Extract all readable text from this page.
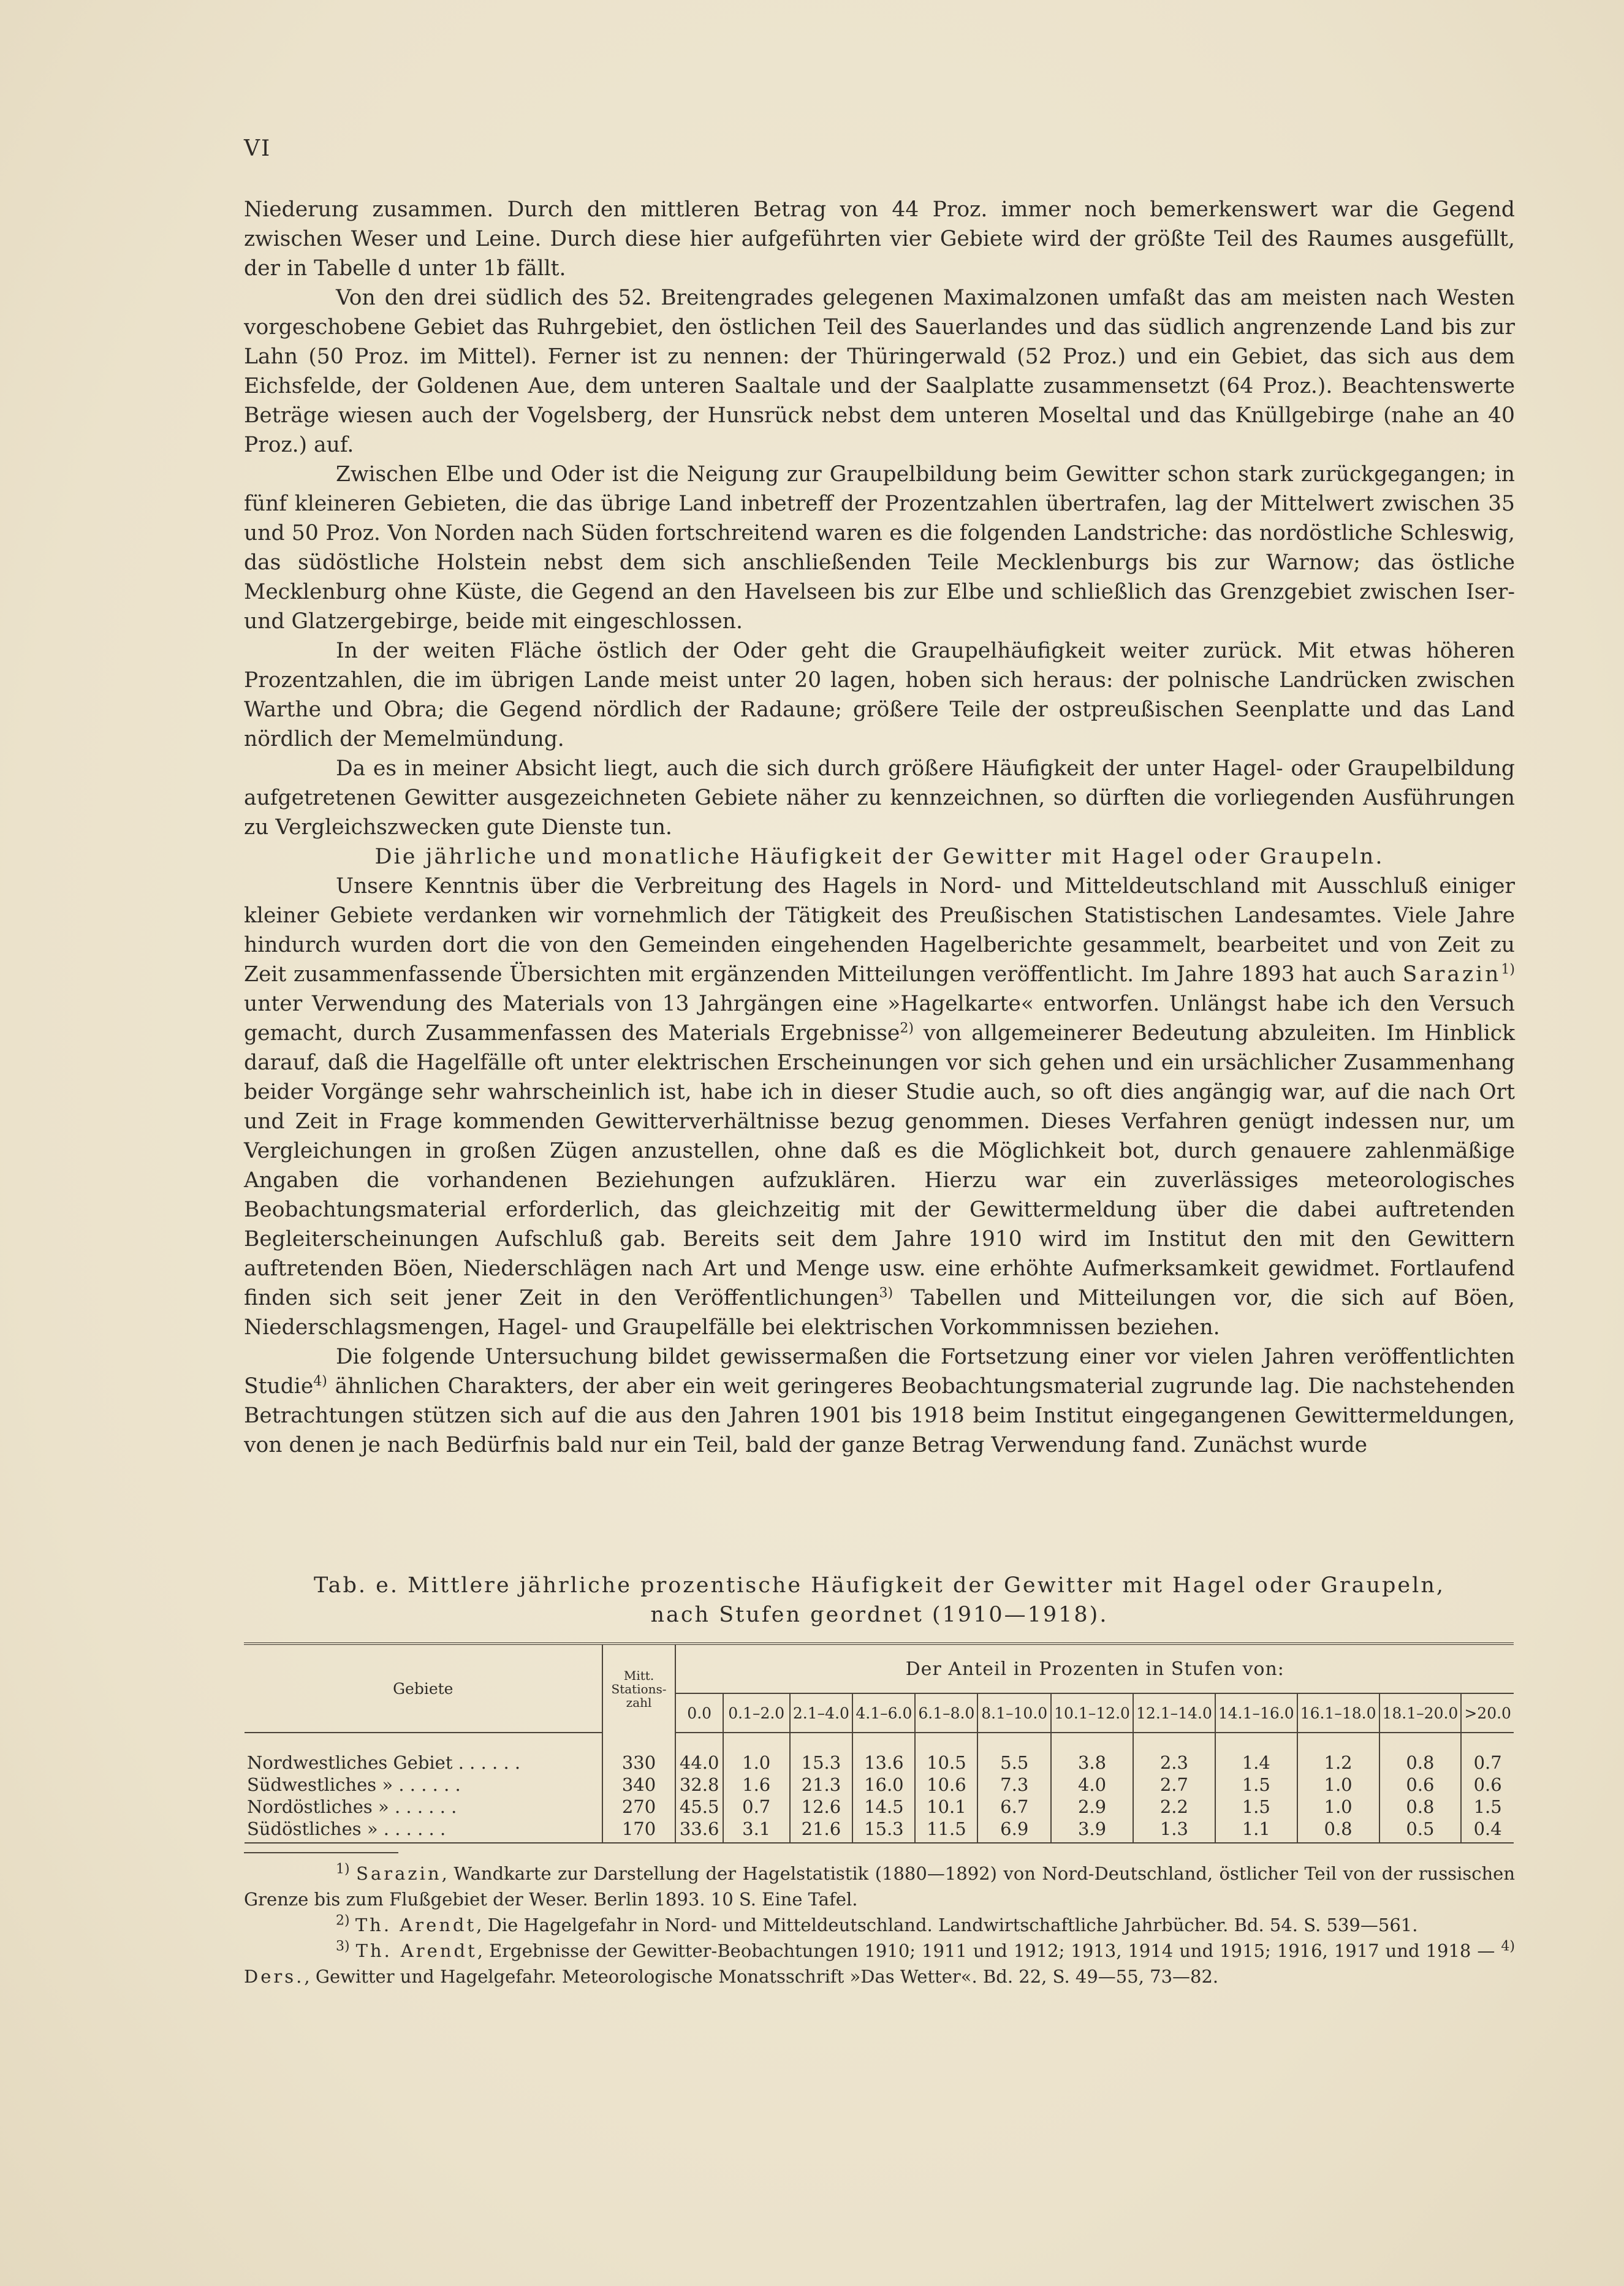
VI

Niederung zusammen. Durch den mittleren Betrag von 44 Proz. immer noch bemerkenswert war die Gegend zwischen Weser und Leine. Durch diese hier aufgeführten vier Gebiete wird der größte Teil des Raumes ausgefüllt, der in Tabelle d unter 1b fällt.

Von den drei südlich des 52. Breitengrades gelegenen Maximalzonen umfaßt das am meisten nach Westen vorgeschobene Gebiet das Ruhrgebiet, den östlichen Teil des Sauerlandes und das südlich angrenzende Land bis zur Lahn (50 Proz. im Mittel). Ferner ist zu nennen: der Thüringerwald (52 Proz.) und ein Gebiet, das sich aus dem Eichsfelde, der Goldenen Aue, dem unteren Saaltale und der Saalplatte zusammensetzt (64 Proz.). Beachtenswerte Beträge wiesen auch der Vogelsberg, der Hunsrück nebst dem unteren Moseltal und das Knüllgebirge (nahe an 40 Proz.) auf.

Zwischen Elbe und Oder ist die Neigung zur Graupelbildung beim Gewitter schon stark zurückgegangen; in fünf kleineren Gebieten, die das übrige Land inbetreff der Prozentzahlen übertrafen, lag der Mittelwert zwischen 35 und 50 Proz. Von Norden nach Süden fortschreitend waren es die folgenden Landstriche: das nordöstliche Schleswig, das südöstliche Holstein nebst dem sich anschließenden Teile Mecklenburgs bis zur Warnow; das östliche Mecklenburg ohne Küste, die Gegend an den Havelseen bis zur Elbe und schließlich das Grenzgebiet zwischen Iser- und Glatzergebirge, beide mit eingeschlossen.

In der weiten Fläche östlich der Oder geht die Graupelhäufigkeit weiter zurück. Mit etwas höheren Prozentzahlen, die im übrigen Lande meist unter 20 lagen, hoben sich heraus: der polnische Landrücken zwischen Warthe und Obra; die Gegend nördlich der Radaune; größere Teile der ostpreußischen Seenplatte und das Land nördlich der Memelmündung.

Da es in meiner Absicht liegt, auch die sich durch größere Häufigkeit der unter Hagel- oder Graupelbildung aufgetretenen Gewitter ausgezeichneten Gebiete näher zu kennzeichnen, so dürften die vorliegenden Ausführungen zu Vergleichszwecken gute Dienste tun.

Die jährliche und monatliche Häufigkeit der Gewitter mit Hagel oder Graupeln.

Unsere Kenntnis über die Verbreitung des Hagels in Nord- und Mitteldeutschland mit Ausschluß einiger kleiner Gebiete verdanken wir vornehmlich der Tätigkeit des Preußischen Statistischen Landesamtes. Viele Jahre hindurch wurden dort die von den Gemeinden eingehenden Hagelberichte gesammelt, bearbeitet und von Zeit zu Zeit zusammenfassende Übersichten mit ergänzenden Mitteilungen veröffentlicht. Im Jahre 1893 hat auch Sarazin$^{1)}$ unter Verwendung des Materials von 13 Jahrgängen eine »Hagelkarte« entworfen. Unlängst habe ich den Versuch gemacht, durch Zusammenfassen des Materials Ergebnisse$^{2)}$ von allgemeinerer Bedeutung abzuleiten. Im Hinblick darauf, daß die Hagelfälle oft unter elektrischen Erscheinungen vor sich gehen und ein ursächlicher Zusammenhang beider Vorgänge sehr wahrscheinlich ist, habe ich in dieser Studie auch, so oft dies angängig war, auf die nach Ort und Zeit in Frage kommenden Gewitterverhältnisse bezug genommen. Dieses Verfahren genügt indessen nur, um Vergleichungen in großen Zügen anzustellen, ohne daß es die Möglichkeit bot, durch genauere zahlenmäßige Angaben die vorhandenen Beziehungen aufzuklären. Hierzu war ein zuverlässiges meteorologisches Beobachtungsmaterial erforderlich, das gleichzeitig mit der Gewittermeldung über die dabei auftretenden Begleiterscheinungen Aufschluß gab. Bereits seit dem Jahre 1910 wird im Institut den mit den Gewittern auftretenden Böen, Niederschlägen nach Art und Menge usw. eine erhöhte Aufmerksamkeit gewidmet. Fortlaufend finden sich seit jener Zeit in den Veröffentlichungen$^{3)}$ Tabellen und Mitteilungen vor, die sich auf Böen, Niederschlagsmengen, Hagel- und Graupelfälle bei elektrischen Vorkommnissen beziehen.

Die folgende Untersuchung bildet gewissermaßen die Fortsetzung einer vor vielen Jahren veröffentlichten Studie$^{4)}$ ähnlichen Charakters, der aber ein weit geringeres Beobachtungsmaterial zugrunde lag. Die nachstehenden Betrachtungen stützen sich auf die aus den Jahren 1901 bis 1918 beim Institut eingegangenen Gewittermeldungen, von denen je nach Bedürfnis bald nur ein Teil, bald der ganze Betrag Verwendung fand. Zunächst wurde

Tab. e. Mittlere jährliche prozentische Häufigkeit der Gewitter mit Hagel oder Graupeln,
nach Stufen geordnet (1910—1918).

Gebiete	Mitt. Stations-zahl	Der Anteil in Prozenten in Stufen von:											
		0.0	0.1–2.0	2.1–4.0	4.1–6.0	6.1–8.0	8.1–10.0	10.1–12.0	12.1–14.0	14.1–16.0	16.1–18.0	18.1–20.0	>20.0

Nordwestliches Gebiet . . . . . .	330	44.0	1.0	15.3	13.6	10.5	5.5	3.8	2.3	1.4	1.2	0.8	0.7
Südwestliches » . . . . . .	340	32.8	1.6	21.3	16.0	10.6	7.3	4.0	2.7	1.5	1.0	0.6	0.6
Nordöstliches » . . . . . .	270	45.5	0.7	12.6	14.5	10.1	6.7	2.9	2.2	1.5	1.0	0.8	1.5
Südöstliches » . . . . . .	170	33.6	3.1	21.6	15.3	11.5	6.9	3.9	1.3	1.1	0.8	0.5	0.4

$^{1)}$ Sarazin, Wandkarte zur Darstellung der Hagelstatistik (1880—1892) von Nord-Deutschland, östlicher Teil von der russischen Grenze bis zum Flußgebiet der Weser. Berlin 1893. 10 S. Eine Tafel.

$^{2)}$ Th. Arendt, Die Hagelgefahr in Nord- und Mitteldeutschland. Landwirtschaftliche Jahrbücher. Bd. 54. S. 539—561.

$^{3)}$ Th. Arendt, Ergebnisse der Gewitter-Beobachtungen 1910; 1911 und 1912; 1913, 1914 und 1915; 1916, 1917 und 1918 — $^{4)}$ Ders., Gewitter und Hagelgefahr. Meteorologische Monatsschrift »Das Wetter«. Bd. 22, S. 49—55, 73—82.
